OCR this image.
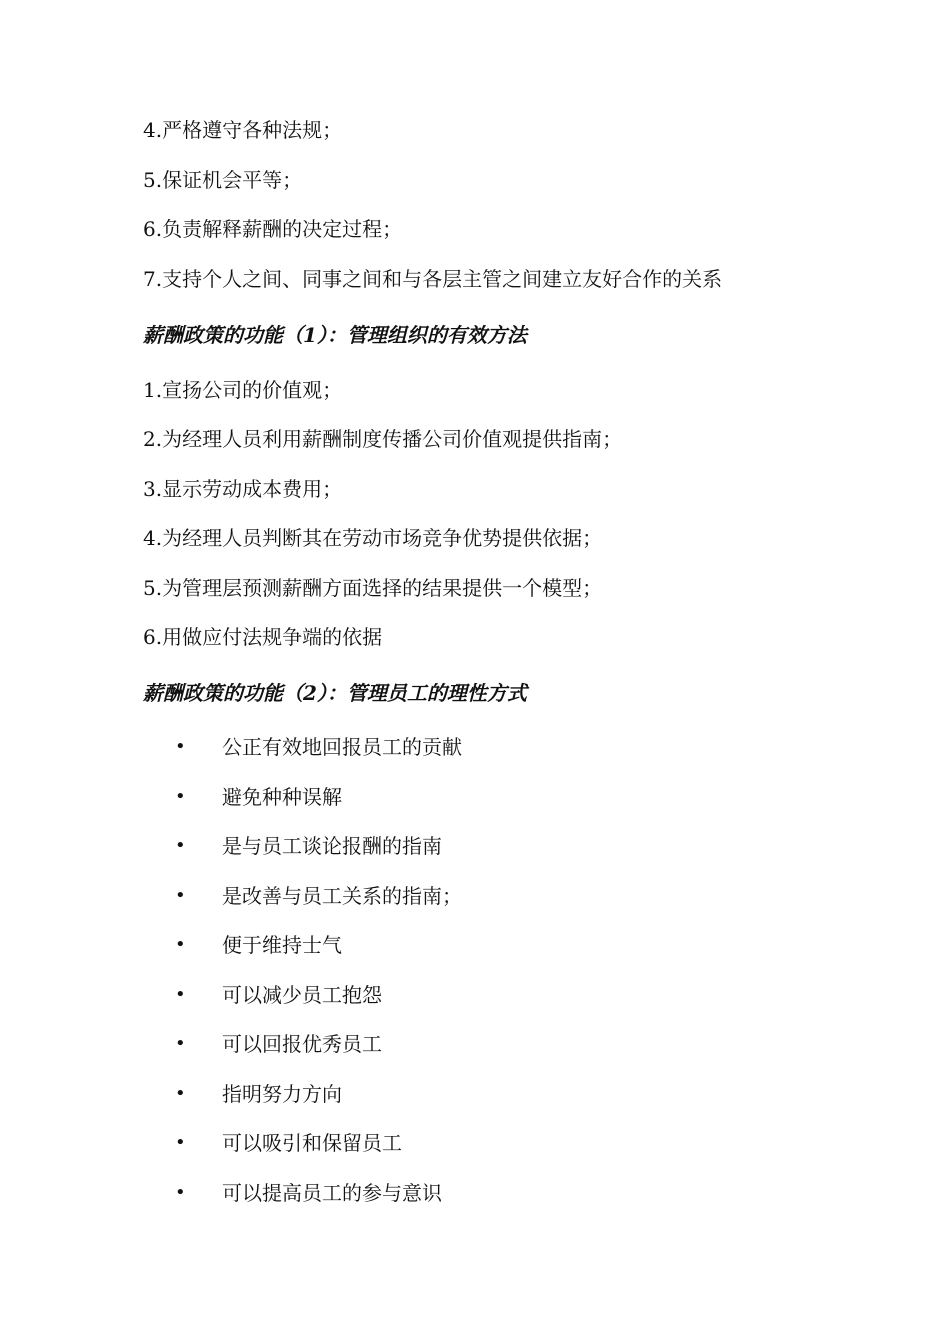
4.严格遵守各种法规；
5.保证机会平等；
6.负责解释薪酬的决定过程；
7.支持个人之间、同事之间和与各层主管之间建立友好合作的关系
薪酬政策的功能（1）：管理组织的有效方法
1.宣扬公司的价值观；
2.为经理人员利用薪酬制度传播公司价值观提供指南；
3.显示劳动成本费用；
4.为经理人员判断其在劳动市场竞争优势提供依据；
5.为管理层预测薪酬方面选择的结果提供一个模型；
6.用做应付法规争端的依据
薪酬政策的功能（2）：管理员工的理性方式
• 公正有效地回报员工的贡献
• 避免种种误解
• 是与员工谈论报酬的指南
• 是改善与员工关系的指南；
• 便于维持士气
• 可以减少员工抱怨
• 可以回报优秀员工
• 指明努力方向
• 可以吸引和保留员工
• 可以提高员工的参与意识
